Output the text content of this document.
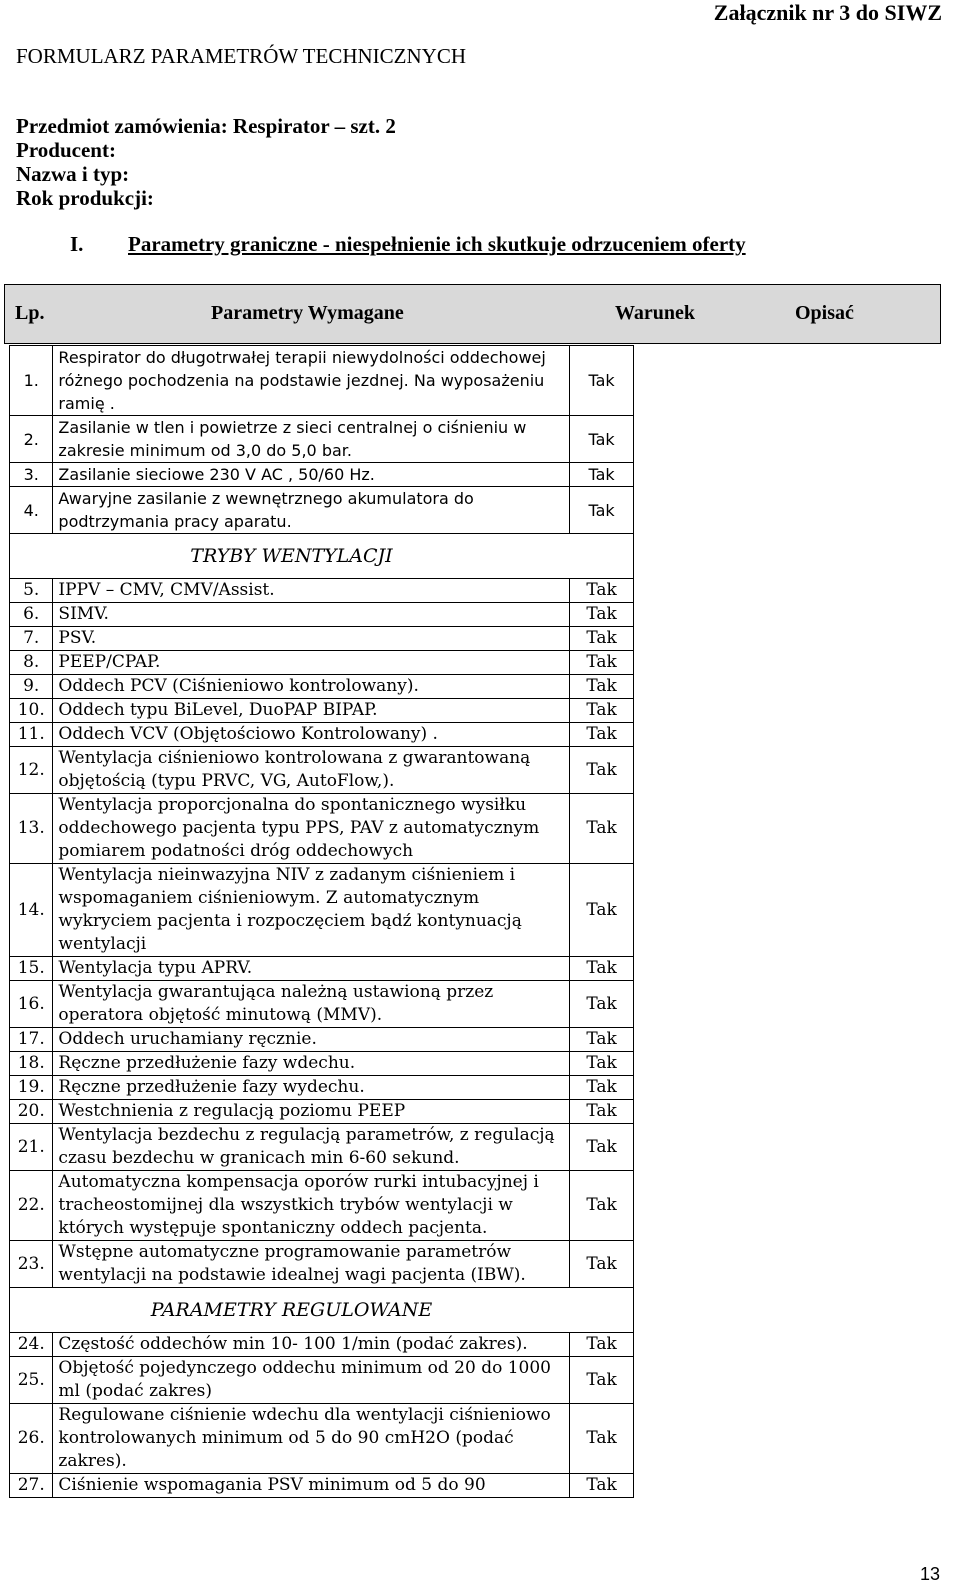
Załącznik nr 3 do SIWZ
FORMULARZ PARAMETRÓW TECHNICZNYCH
Przedmiot zamówienia: Respirator – szt. 2
Producent:
Nazwa i typ:
Rok produkcji:
I. Parametry graniczne - niespełnienie ich skutkuje odrzuceniem oferty
Lp.	Parametry Wymagane	Warunek	Opisać
1.	Respirator do długotrwałej terapii niewydolności oddechowej różnego pochodzenia na podstawie jezdnej. Na wyposażeniu ramię .	Tak
2.	Zasilanie w tlen i powietrze z sieci centralnej o ciśnieniu w zakresie minimum od 3,0 do 5,0 bar.	Tak
3.	Zasilanie sieciowe 230 V AC , 50/60 Hz.	Tak
4.	Awaryjne zasilanie z wewnętrznego akumulatora do podtrzymania pracy aparatu.	Tak
TRYBY WENTYLACJI		
5.	IPPV – CMV, CMV/Assist.	Tak
6.	SIMV.	Tak
7.	PSV.	Tak
8.	PEEP/CPAP.	Tak
9.	Oddech PCV (Ciśnieniowo kontrolowany).	Tak
10.	Oddech typu BiLevel, DuoPAP BIPAP.	Tak
11.	Oddech VCV (Objętościowo Kontrolowany) .	Tak
12.	Wentylacja ciśnieniowo kontrolowana z gwarantowaną objętością (typu PRVC, VG, AutoFlow,).	Tak
13.	Wentylacja proporcjonalna do spontanicznego wysiłku oddechowego pacjenta typu PPS, PAV z automatycznym pomiarem podatności dróg oddechowych	Tak
14.	Wentylacja nieinwazyjna NIV z zadanym ciśnieniem i wspomaganiem ciśnieniowym. Z automatycznym wykryciem pacjenta i rozpoczęciem bądź kontynuacją wentylacji	Tak
15.	Wentylacja typu APRV.	Tak
16.	Wentylacja gwarantująca należną ustawioną przez operatora objętość minutową (MMV).	Tak
17.	Oddech uruchamiany ręcznie.	Tak
18.	Ręczne przedłużenie fazy wdechu.	Tak
19.	Ręczne przedłużenie fazy wydechu.	Tak
20.	Westchnienia z regulacją poziomu PEEP	Tak
21.	Wentylacja bezdechu z regulacją parametrów, z regulacją czasu bezdechu w granicach min 6-60 sekund.	Tak
22.	Automatyczna kompensacja oporów rurki intubacyjnej i tracheostomijnej dla wszystkich trybów wentylacji w których występuje spontaniczny oddech pacjenta.	Tak
23.	Wstępne automatyczne programowanie parametrów wentylacji na podstawie idealnej wagi pacjenta (IBW).	Tak
PARAMETRY REGULOWANE		
24.	Częstość oddechów min 10- 100 1/min (podać zakres).	Tak
25.	Objętość pojedynczego oddechu minimum od 20 do 1000 ml (podać zakres)	Tak
26.	Regulowane ciśnienie wdechu dla wentylacji ciśnieniowo kontrolowanych minimum od 5 do 90 cmH2O (podać zakres).	Tak
27.	Ciśnienie wspomagania PSV minimum od 5 do 90	Tak
13
